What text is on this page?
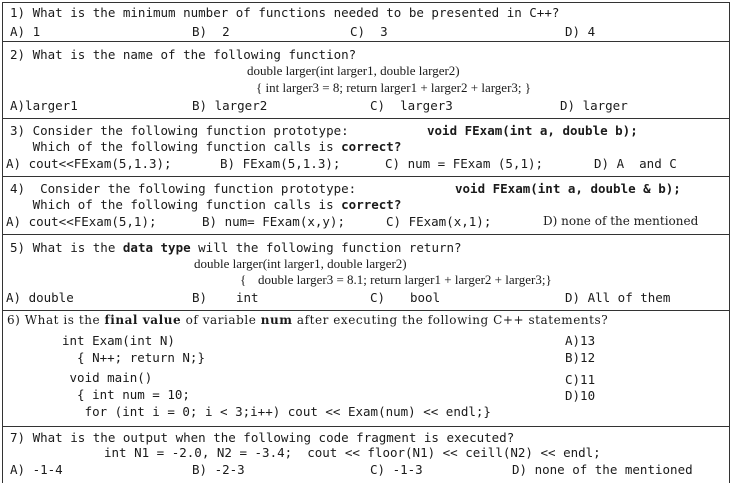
1) What is the minimum number of functions needed to be presented in C++?
A) 1	B)  2	C)  3	D) 4
2) What is the name of the following function?
double larger(int larger1, double larger2)
{ int larger3 = 8; return larger1 + larger2 + larger3; }
A)larger1	B) larger2	C)  larger3	D) larger
3) Consider the following function prototype:	void FExam(int a, double b);
Which of the following function calls is correct?
A) cout<<FExam(5,1.3);	B) FExam(5,1.3);	C) num = FExam (5,1);	D) A  and C
4)  Consider the following function prototype:	void FExam(int a, double & b);
Which of the following function calls is correct?
A) cout<<FExam(5,1);	B) num= FExam(x,y);	C) FExam(x,1);	D) none of the mentioned
5) What is the data type will the following function return?
double larger(int larger1, double larger2)
{ double larger3 = 8.1; return larger1 + larger2 + larger3;}
A) double	B) int	C) bool	D) All of them
6) What is the final value of variable num after executing the following C++ statements?
int Exam(int N)
{ N++; return N;}
void main()
{ int num = 10;
for (int i = 0; i < 3;i++) cout << Exam(num) << endl;}
A)13
B)12
C)11
D)10
7) What is the output when the following code fragment is executed?
int N1 = -2.0, N2 = -3.4;  cout << floor(N1) << ceill(N2) << endl;
A) -1-4	B) -2-3	C) -1-3	D) none of the mentioned
